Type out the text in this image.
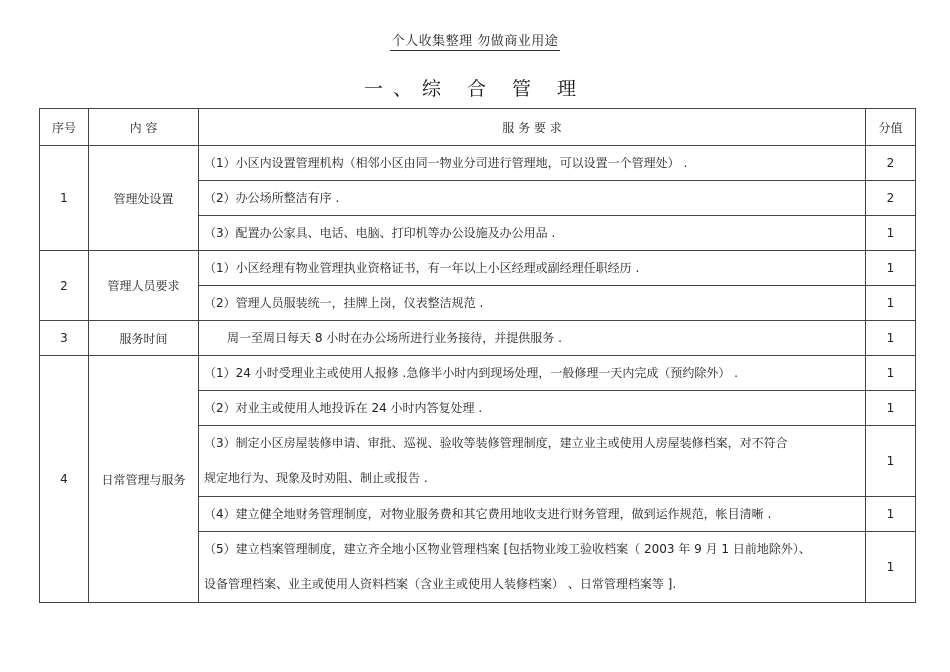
个人收集整理 勿做商业用途
一、综 合 管 理
序号	内 容	服 务 要 求	分值
1	管理处设置	（1）小区内设置管理机构（相邻小区由同一物业分司进行管理地，可以设置一个管理处） .	2
		（2）办公场所整洁有序 .	2
		（3）配置办公家具、电话、电脑、打印机等办公设施及办公用品 .	1
2	管理人员要求	（1）小区经理有物业管理执业资格证书，有一年以上小区经理或副经理任职经历 .	1
		（2）管理人员服装统一，挂牌上岗，仪表整洁规范 .	1
3	服务时间	周一至周日每天 8 小时在办公场所进行业务接待，并提供服务 .	1
4	日常管理与服务	（1）24 小时受理业主或使用人报修 .急修半小时内到现场处理，一般修理一天内完成（预约除外） .	1
		（2）对业主或使用人地投诉在 24 小时内答复处理 .	1

		（3）制定小区房屋装修申请、审批、巡视、验收等装修管理制度，建立业主或使用人房屋装修档案，对不符合
规定地行为、现象及时劝阻、制止或报告 .	1
		（4）建立健全地财务管理制度，对物业服务费和其它费用地收支进行财务管理，做到运作规范，帐目清晰 .	1

		（5）建立档案管理制度，建立齐全地小区物业管理档案 [包括物业竣工验收档案（ 2003 年 9 月 1 日前地除外）、
设备管理档案、业主或使用人资料档案（含业主或使用人装修档案） 、日常管理档案等 ].	1
